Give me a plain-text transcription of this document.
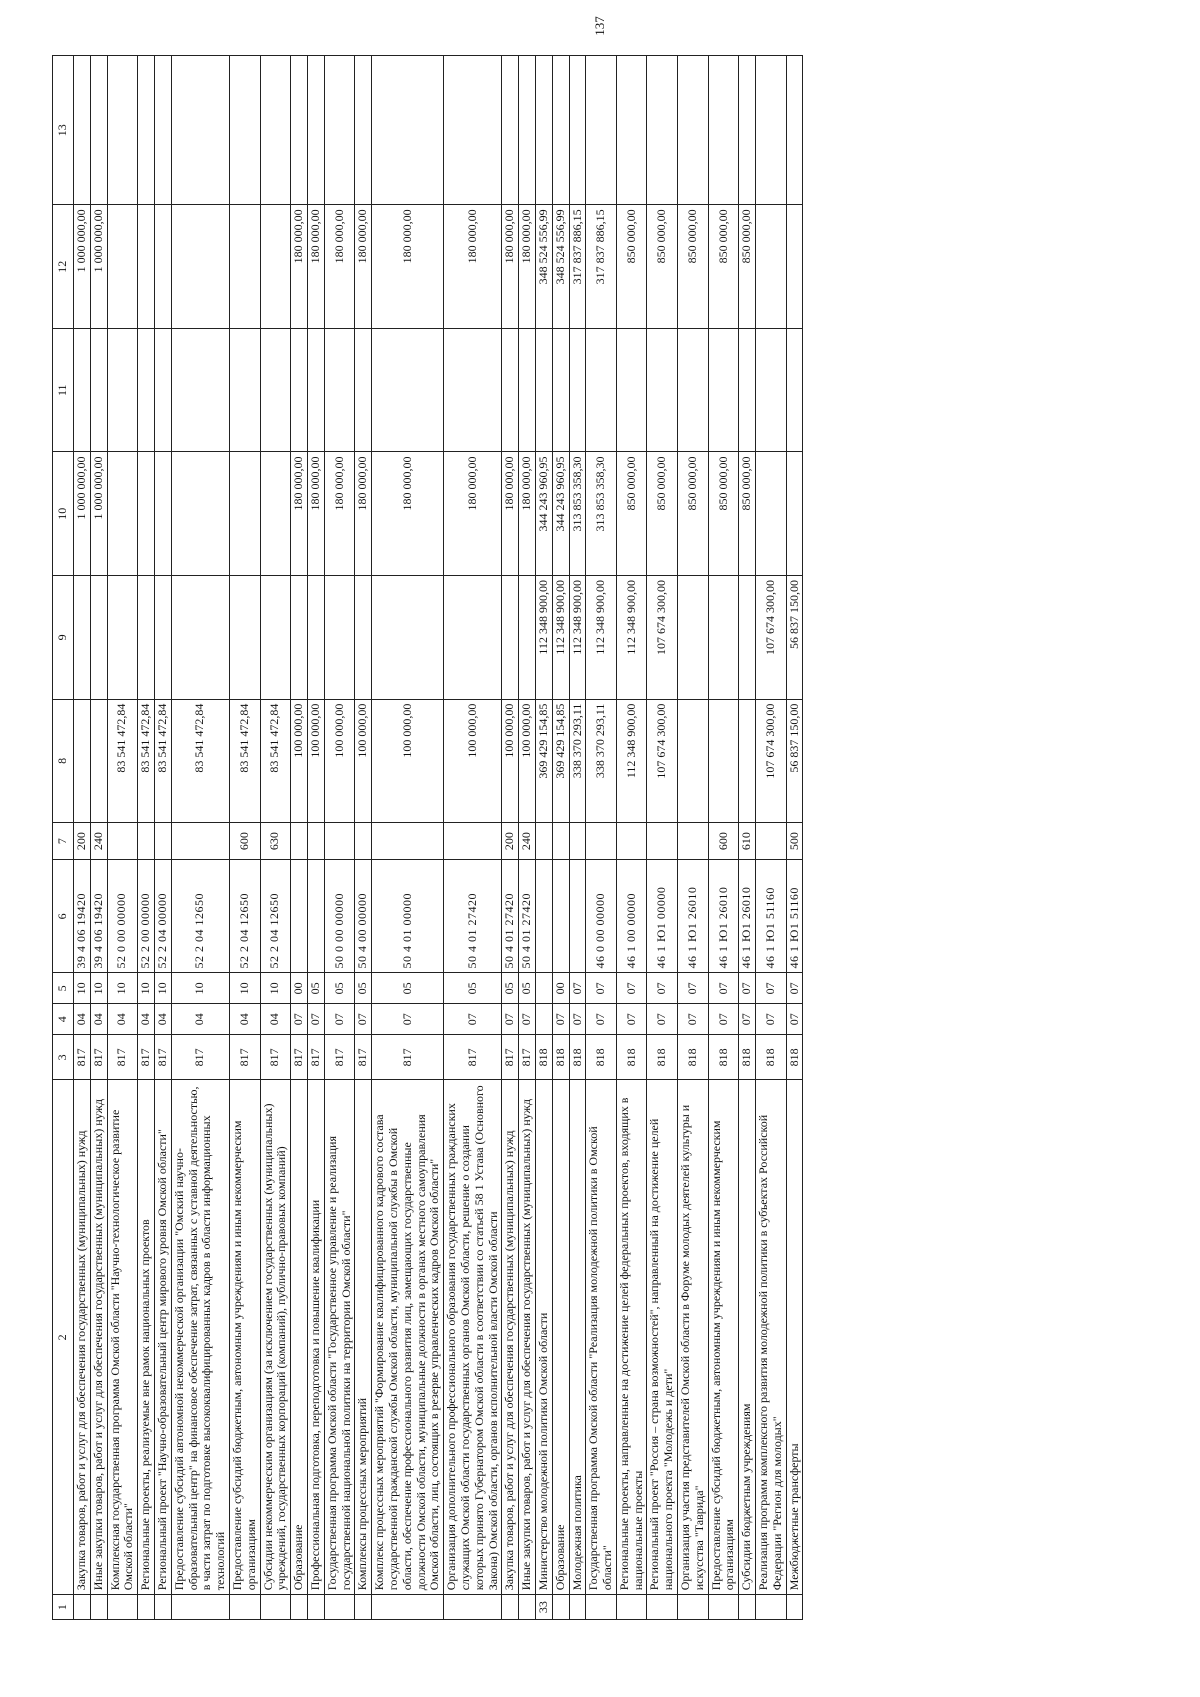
137
1	2	3	4	5	6	7	8	9	10	11	12	13
	Закупка товаров, работ и услуг для обеспечения государственных (муниципальных) нужд	817	04	10	39 4 06 19420	200			1 000 000,00		1 000 000,00	
	Иные закупки товаров, работ и услуг для обеспечения государственных (муниципальных) нужд	817	04	10	39 4 06 19420	240			1 000 000,00		1 000 000,00	
	Комплексная государственная программа Омской области "Научно-технологическое развитие Омской области"	817	04	10	52 0 00 00000		83 541 472,84					
	Региональные проекты, реализуемые вне рамок национальных проектов	817	04	10	52 2 00 00000		83 541 472,84					
	Региональный проект "Научно-образовательный центр мирового уровня Омской области"	817	04	10	52 2 04 00000		83 541 472,84					
	Предоставление субсидий автономной некоммерческой организации "Омский научно-образовательный центр" на финансовое обеспечение затрат, связанных с уставной деятельностью, в части затрат по подготовке высококвалифицированных кадров в области информационных технологий	817	04	10	52 2 04 12650		83 541 472,84					
	Предоставление субсидий бюджетным, автономным учреждениям и иным некоммерческим организациям	817	04	10	52 2 04 12650	600	83 541 472,84					
	Субсидии некоммерческим организациям (за исключением государственных (муниципальных) учреждений, государственных корпораций (компаний), публично-правовых компаний)	817	04	10	52 2 04 12650	630	83 541 472,84					
	Образование	817	07	00			100 000,00		180 000,00		180 000,00	
	Профессиональная подготовка, переподготовка и повышение квалификации	817	07	05			100 000,00		180 000,00		180 000,00	
	Государственная программа Омской области "Государственное управление и реализация государственной национальной политики на территории Омской области"	817	07	05	50 0 00 00000		100 000,00		180 000,00		180 000,00	
	Комплексы процессных мероприятий	817	07	05	50 4 00 00000		100 000,00		180 000,00		180 000,00	
	Комплекс процессных мероприятий "Формирование квалифицированного кадрового состава государственной гражданской службы Омской области, муниципальной службы в Омской области, обеспечение профессионального развития лиц, замещающих государственные должности Омской области, муниципальные должности в органах местного самоуправления Омской области, лиц, состоящих в резерве управленческих кадров Омской области"	817	07	05	50 4 01 00000		100 000,00		180 000,00		180 000,00	
	Организация дополнительного профессионального образования государственных гражданских служащих Омской области государственных органов Омской области, решение о создании которых принято Губернатором Омской области в соответствии со статьей 58 1 Устава (Основного Закона) Омской области, органов исполнительной власти Омской области	817	07	05	50 4 01 27420		100 000,00		180 000,00		180 000,00	
	Закупка товаров, работ и услуг для обеспечения государственных (муниципальных) нужд	817	07	05	50 4 01 27420	200	100 000,00		180 000,00		180 000,00	
	Иные закупки товаров, работ и услуг для обеспечения государственных (муниципальных) нужд	817	07	05	50 4 01 27420	240	100 000,00		180 000,00		180 000,00	
33	Министерство молодежной политики Омской области	818					369 429 154,85	112 348 900,00	344 243 960,95		348 524 556,99	
	Образование	818	07	00			369 429 154,85	112 348 900,00	344 243 960,95		348 524 556,99	
	Молодежная политика	818	07	07			338 370 293,11	112 348 900,00	313 853 358,30		317 837 886,15	
	Государственная программа Омской области "Реализация молодежной политики в Омской области"	818	07	07	46 0 00 00000		338 370 293,11	112 348 900,00	313 853 358,30		317 837 886,15	
	Региональные проекты, направленные на достижение целей федеральных проектов, входящих в национальные проекты	818	07	07	46 1 00 00000		112 348 900,00	112 348 900,00	850 000,00		850 000,00	
	Региональный проект "Россия – страна возможностей", направленный на достижение целей национального проекта "Молодежь и дети"	818	07	07	46 1 Ю1 00000		107 674 300,00	107 674 300,00	850 000,00		850 000,00	
	Организация участия представителей Омской области в Форуме молодых деятелей культуры и искусства "Таврида"	818	07	07	46 1 Ю1 26010				850 000,00		850 000,00	
	Предоставление субсидий бюджетным, автономным учреждениям и иным некоммерческим организациям	818	07	07	46 1 Ю1 26010	600			850 000,00		850 000,00	
	Субсидии бюджетным учреждениям	818	07	07	46 1 Ю1 26010	610			850 000,00		850 000,00	
	Реализация программ комплексного развития молодежной политики в субъектах Российской Федерации "Регион для молодых"	818	07	07	46 1 Ю1 51160		107 674 300,00	107 674 300,00				
	Межбюджетные трансферты	818	07	07	46 1 Ю1 51160	500	56 837 150,00	56 837 150,00				
